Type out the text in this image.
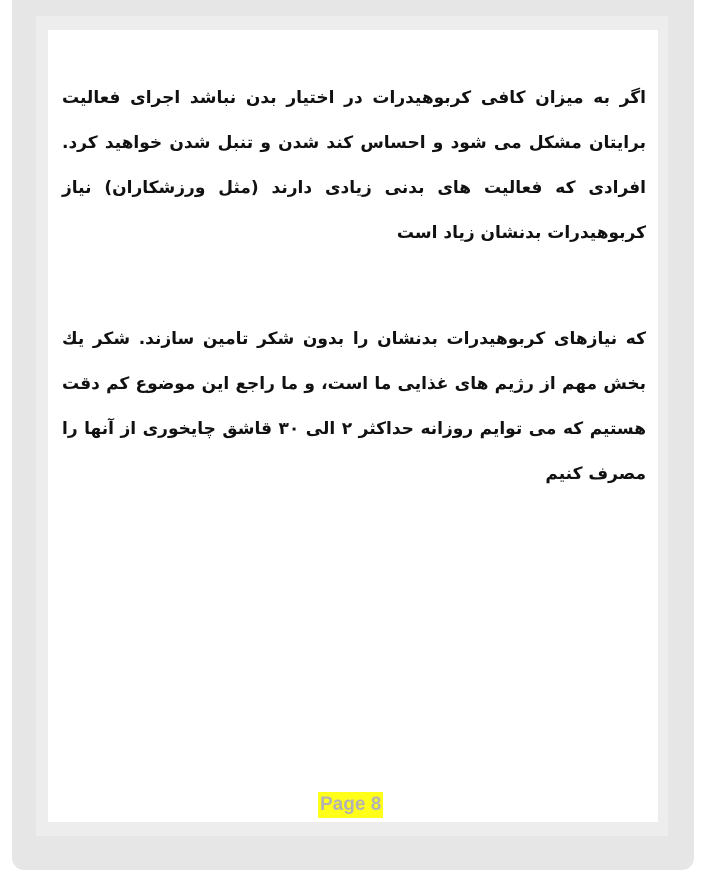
اگر به میزان کافی کربوهیدرات در اختیار بدن نباشد اجرای فعالیت برایتان مشکل می شود و احساس کند شدن و تنبل شدن خواهید کرد. افرادی که فعالیت های بدنی زیادی دارند (مثل ورزشکاران) نیاز کربوهیدرات بدنشان زیاد است

که نیازهای کربوهیدرات بدنشان را بدون شکر تامین سازند. شکر یك بخش مهم از رژیم های غذایی ما است، و ما راجع این موضوع کم دقت هستیم که می توایم روزانه حداکثر ۲ الی ۳۰ قاشق چایخوری از آنها را مصرف کنیم

Page 8
